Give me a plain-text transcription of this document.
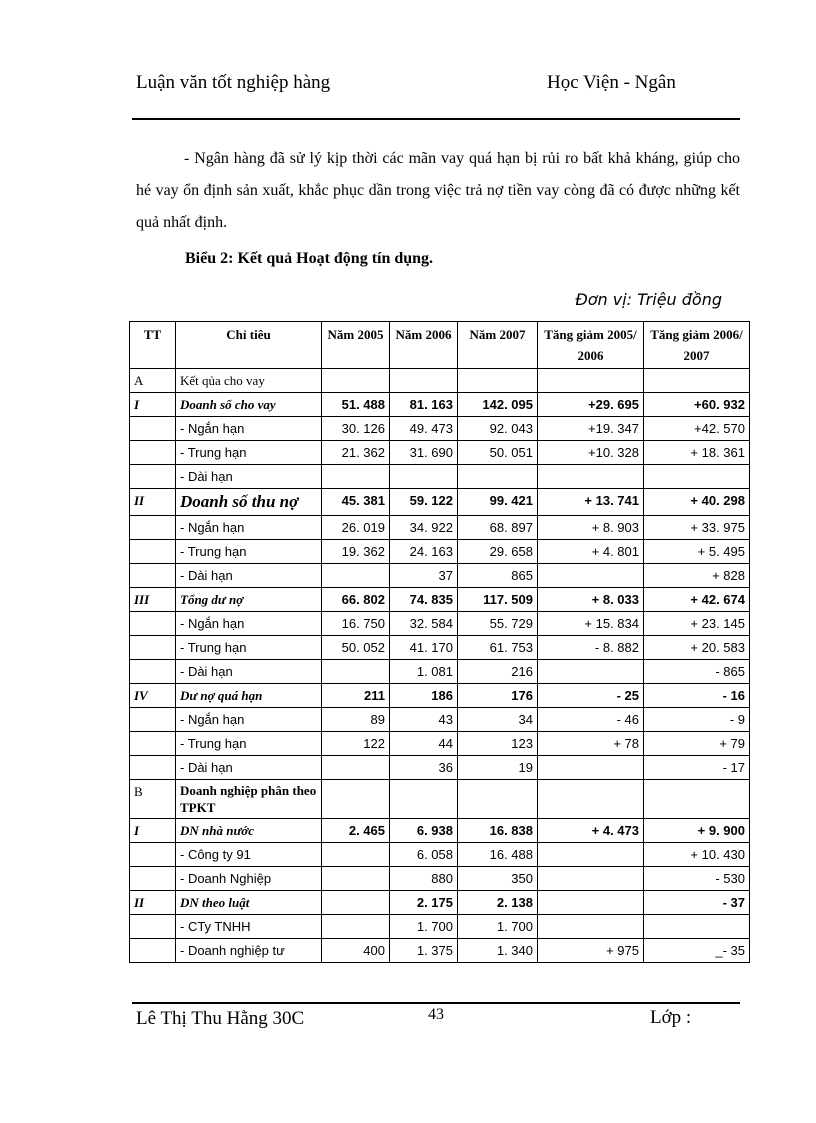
Luận văn tốt nghiệp hàng	Học Viện - Ngân
- Ngân hàng đã sử lý kịp thời các mãn vay quá hạn bị rủi ro bất khả kháng, giúp cho hé vay ổn định sản xuất, khắc phục dần trong việc trả nợ tiền vay còng đã có được những kết quả nhất định.
Biểu 2: Kết quả Hoạt động tín dụng.
Đơn vị: Triệu đồng
TT	Chỉ tiêu	Năm 2005	Năm 2006	Năm 2007	Tăng giảm 2005/ 2006	Tăng giảm 2006/ 2007
A	Kết qủa cho vay					
I	Doanh số cho vay	51. 488	81. 163	142. 095	+29. 695	+60. 932
	- Ngắn hạn	30. 126	49. 473	92. 043	+19. 347	+42. 570
	- Trung hạn	21. 362	31. 690	50. 051	+10. 328	+ 18. 361
	- Dài hạn					
II	Doanh số thu nợ	45. 381	59. 122	99. 421	+ 13. 741	+ 40. 298
	- Ngắn hạn	26. 019	34. 922	68. 897	+ 8. 903	+ 33. 975
	- Trung hạn	19. 362	24. 163	29. 658	+ 4. 801	+ 5. 495
	- Dài hạn		37	865		+ 828
III	Tổng dư nợ	66. 802	74. 835	117. 509	+ 8. 033	+ 42. 674
	- Ngắn hạn	16. 750	32. 584	55. 729	+ 15. 834	+ 23. 145
	- Trung hạn	50. 052	41. 170	61. 753	- 8. 882	+ 20. 583
	- Dài hạn		1. 081	216		- 865
IV	Dư nợ quá hạn	211	186	176	- 25	- 16
	- Ngắn hạn	89	43	34	- 46	- 9
	- Trung hạn	122	44	123	+ 78	+ 79
	- Dài hạn		36	19		- 17
B	Doanh nghiệp phân theo TPKT					
I	DN nhà nước	2. 465	6. 938	16. 838	+ 4. 473	+ 9. 900
	- Công ty 91		6. 058	16. 488		+ 10. 430
	- Doanh Nghiệp		880	350		- 530
II	DN theo luật		2. 175	2. 138		- 37
	- CTy TNHH		1. 700	1. 700		
	- Doanh nghiệp tư	400	1. 375	1. 340	+ 975	_- 35
Lê Thị Thu Hằng 30C	43	Lớp :
